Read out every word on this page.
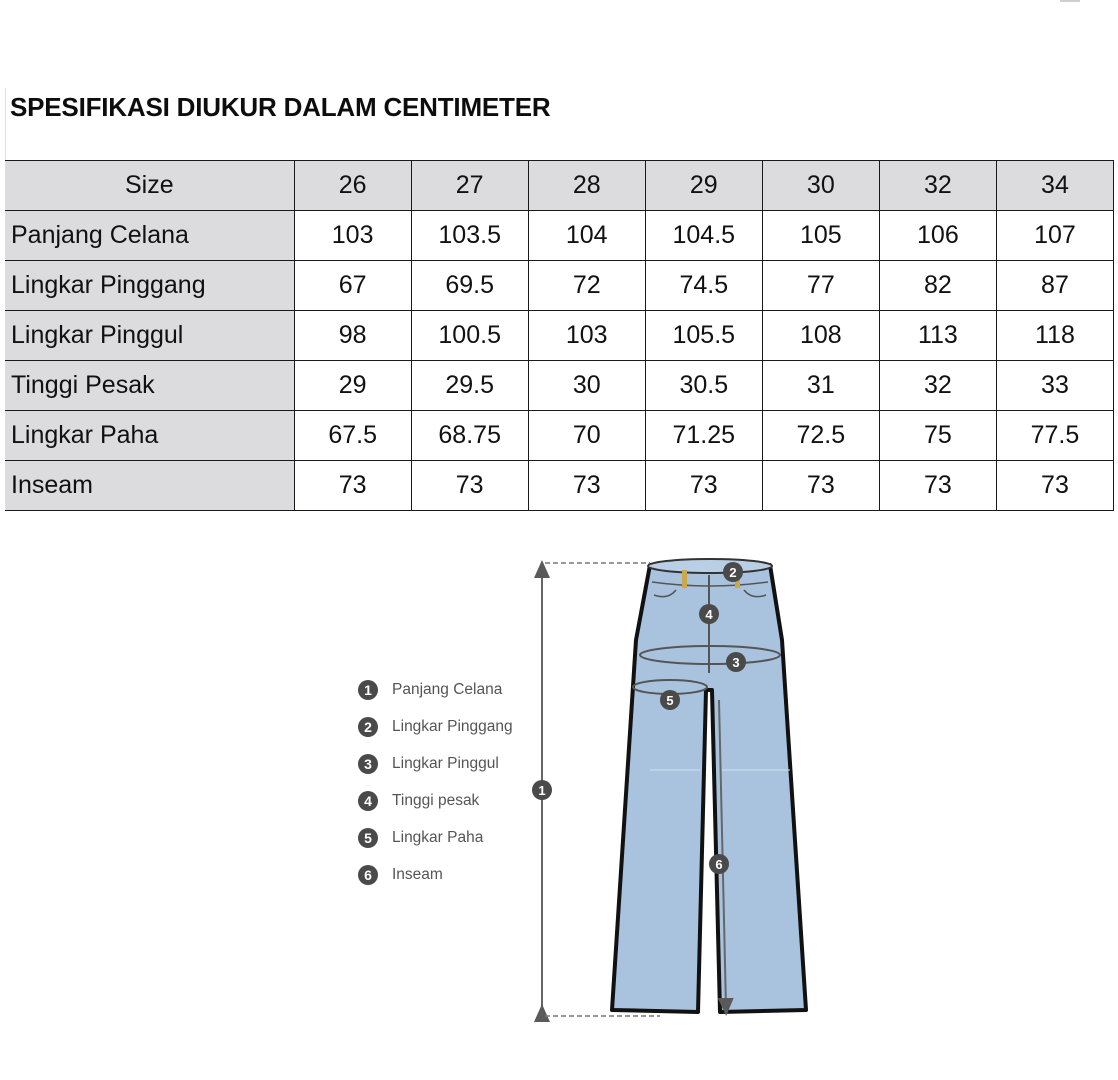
SPESIFIKASI DIUKUR DALAM CENTIMETER
Size	26	27	28	29	30	32	34
Panjang Celana	103	103.5	104	104.5	105	106	107
Lingkar Pinggang	67	69.5	72	74.5	77	82	87
Lingkar Pinggul	98	100.5	103	105.5	108	113	118
Tinggi Pesak	29	29.5	30	30.5	31	32	33
Lingkar Paha	67.5	68.75	70	71.25	72.5	75	77.5
Inseam	73	73	73	73	73	73	73
1	Panjang Celana
2	Lingkar Pinggang
3	Lingkar Pinggul
4	Tinggi pesak
5	Lingkar Paha
6	Inseam
1
2
3
4
5
6
